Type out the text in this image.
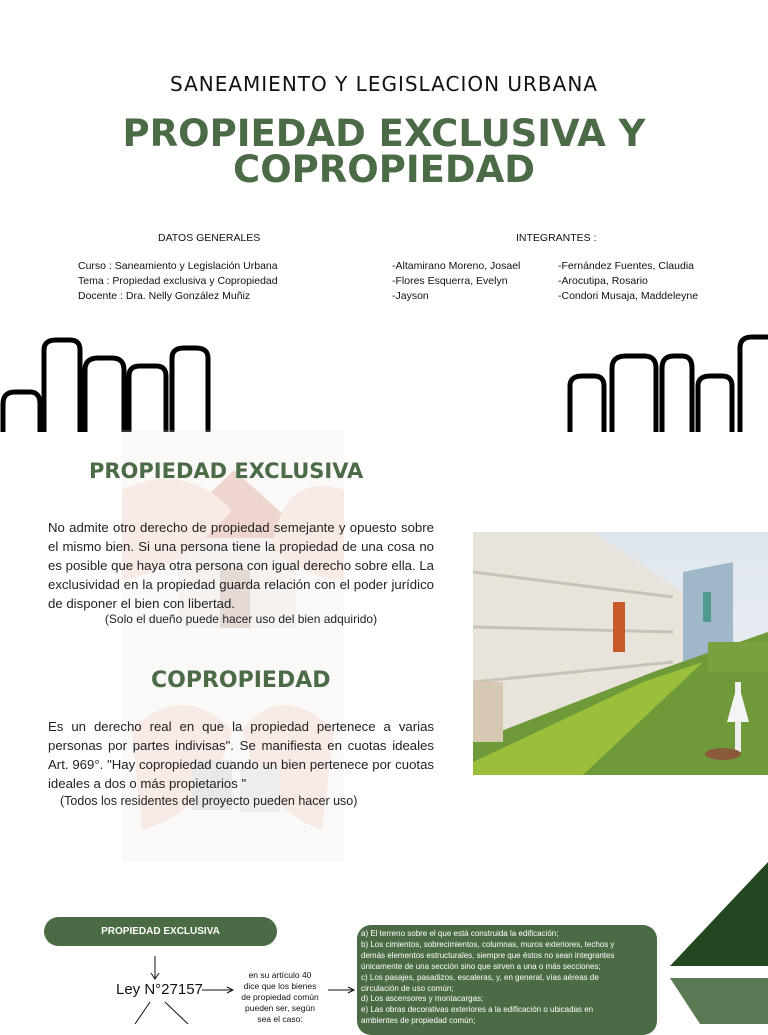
SANEAMIENTO Y LEGISLACION URBANA
PROPIEDAD EXCLUSIVA Y
COPROPIEDAD
DATOS GENERALES	INTEGRANTES :
Curso : Saneamiento y Legislación Urbana
Tema : Propiedad exclusiva y Copropiedad
Docente : Dra. Nelly González Muñiz
-Altamirano Moreno, Josael
-Flores Esquerra, Evelyn
-Jayson
-Fernández Fuentes, Claudia
-Arocutipa, Rosario
-Condori Musaja, Maddeleyne
PROPIEDAD EXCLUSIVA
No admite otro derecho de propiedad semejante y opuesto sobre el mismo bien. Si una persona tiene la propiedad de una cosa no es posible que haya otra persona con igual derecho sobre ella. La exclusividad en la propiedad guarda relación con el poder jurídico de disponer el bien con libertad.
(Solo el dueño puede hacer uso del bien adquirido)
COPROPIEDAD
Es un derecho real en que la propiedad pertenece a varias personas por partes indivisas". Se manifiesta en cuotas ideales Art. 969°. "Hay copropiedad cuando un bien pertenece por cuotas ideales a dos o más propietarios "
(Todos los residentes del proyecto pueden hacer uso)
PROPIEDAD EXCLUSIVA
Ley N°27157
en su artículo 40
dice que los bienes
de propiedad común
pueden ser, según
sea el caso:
a) El terreno sobre el que está construida la edificación;
b) Los cimientos, sobrecimientos, columnas, muros exteriores, techos y
demás elementos estructurales, siempre que éstos no sean integrantes
únicamente de una sección sino que sirven a una o más secciones;
c) Los pasajes, pasadizos, escaleras, y, en general, vías aéreas de
circulación de uso común;
d) Los ascensores y montacargas;
e) Las obras decorativas exteriores a la edificación o ubicadas en
ambientes de propiedad común;
